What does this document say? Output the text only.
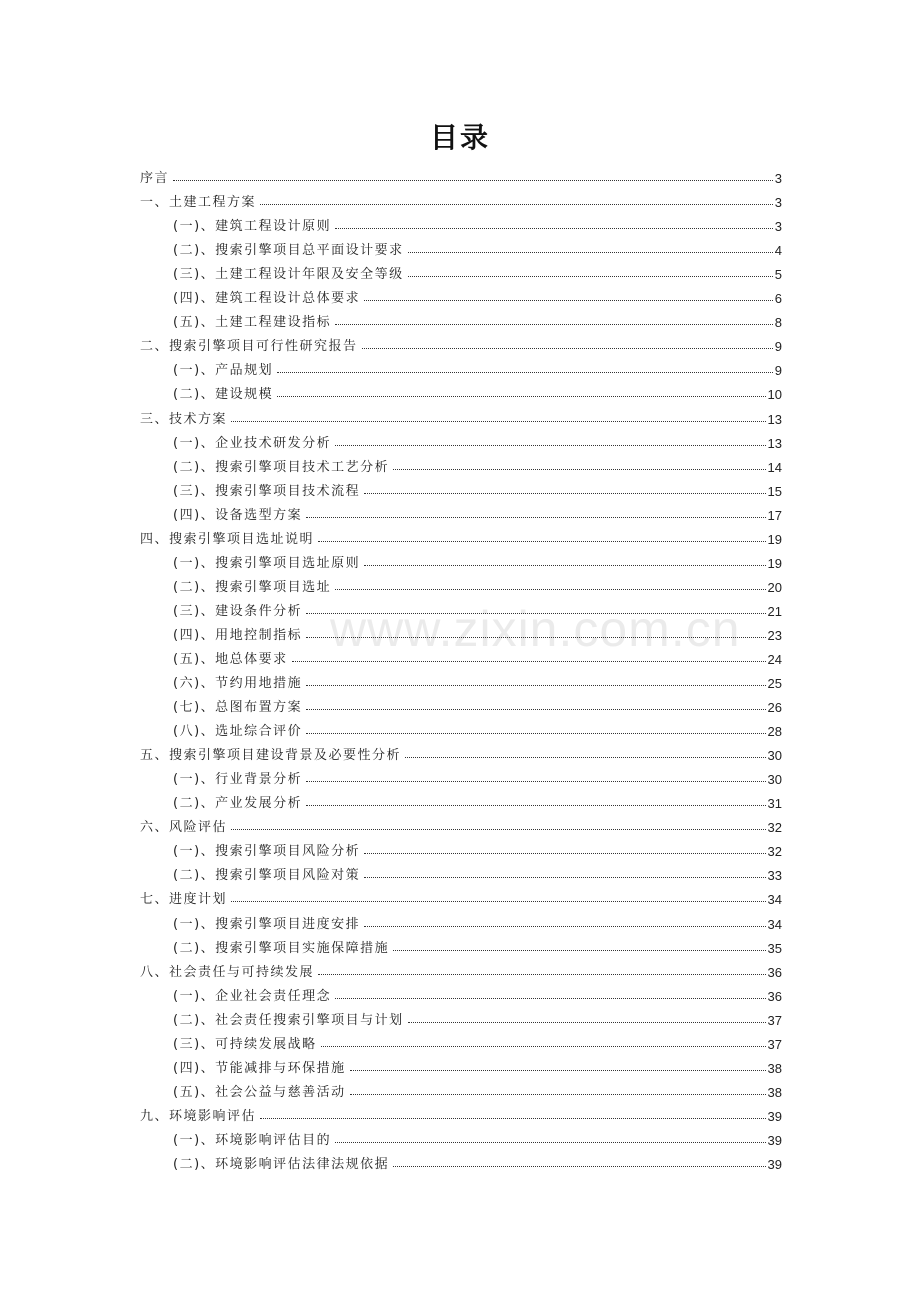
目录
www.zixin.com.cn
序言	3
一、土建工程方案	3
(一)、建筑工程设计原则	3
(二)、搜索引擎项目总平面设计要求	4
(三)、土建工程设计年限及安全等级	5
(四)、建筑工程设计总体要求	6
(五)、土建工程建设指标	8
二、搜索引擎项目可行性研究报告	9
(一)、产品规划	9
(二)、建设规模	10
三、技术方案	13
(一)、企业技术研发分析	13
(二)、搜索引擎项目技术工艺分析	14
(三)、搜索引擎项目技术流程	15
(四)、设备选型方案	17
四、搜索引擎项目选址说明	19
(一)、搜索引擎项目选址原则	19
(二)、搜索引擎项目选址	20
(三)、建设条件分析	21
(四)、用地控制指标	23
(五)、地总体要求	24
(六)、节约用地措施	25
(七)、总图布置方案	26
(八)、选址综合评价	28
五、搜索引擎项目建设背景及必要性分析	30
(一)、行业背景分析	30
(二)、产业发展分析	31
六、风险评估	32
(一)、搜索引擎项目风险分析	32
(二)、搜索引擎项目风险对策	33
七、进度计划	34
(一)、搜索引擎项目进度安排	34
(二)、搜索引擎项目实施保障措施	35
八、社会责任与可持续发展	36
(一)、企业社会责任理念	36
(二)、社会责任搜索引擎项目与计划	37
(三)、可持续发展战略	37
(四)、节能减排与环保措施	38
(五)、社会公益与慈善活动	38
九、环境影响评估	39
(一)、环境影响评估目的	39
(二)、环境影响评估法律法规依据	39
